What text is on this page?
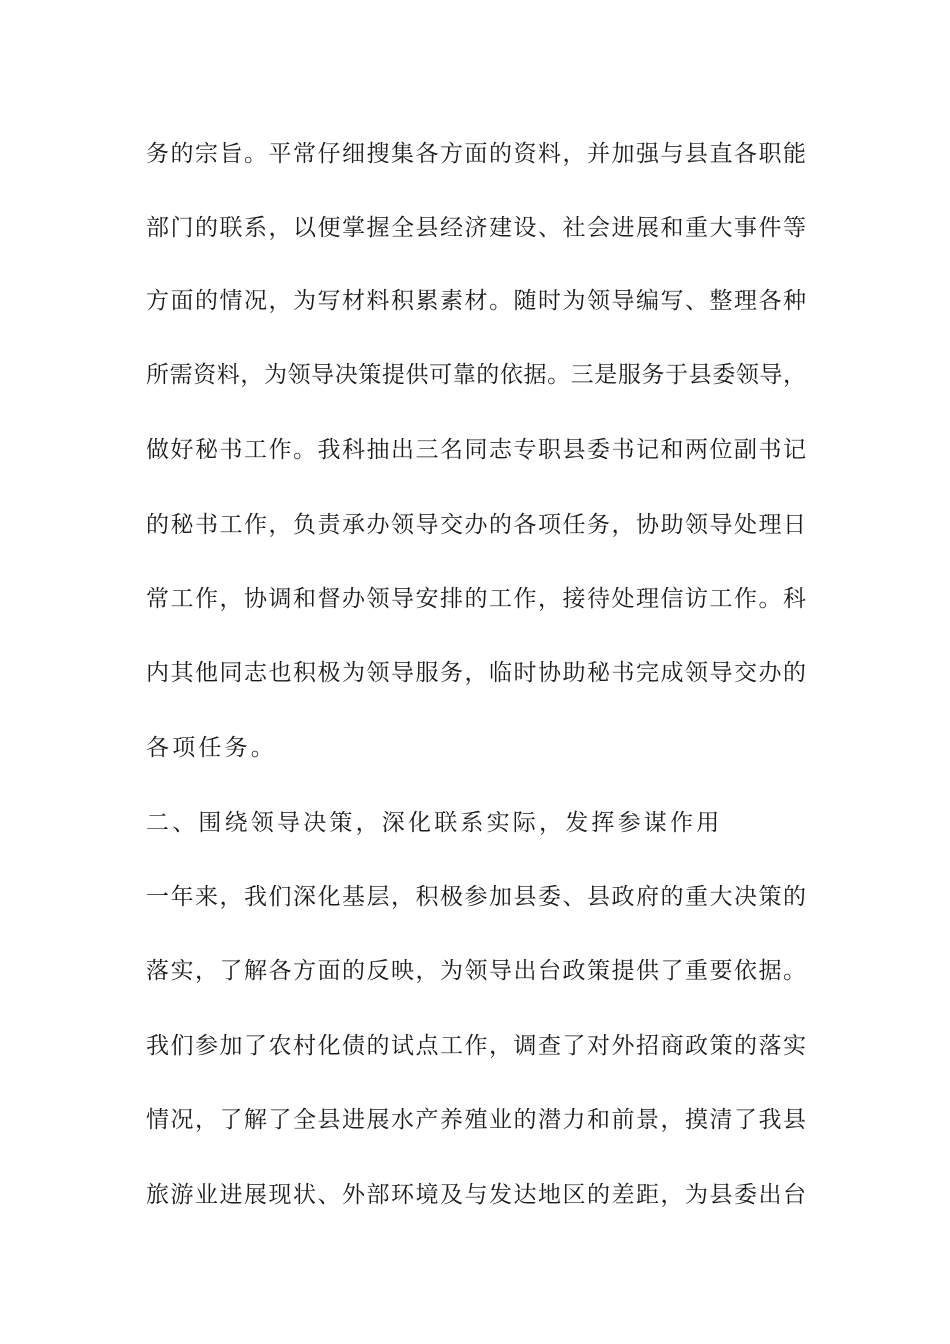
务的宗旨。平常仔细搜集各方面的资料，并加强与县直各职能
部门的联系，以便掌握全县经济建设、社会进展和重大事件等
方面的情况，为写材料积累素材。随时为领导编写、整理各种
所需资料，为领导决策提供可靠的依据。三是服务于县委领导，
做好秘书工作。我科抽出三名同志专职县委书记和两位副书记
的秘书工作，负责承办领导交办的各项任务，协助领导处理日
常工作，协调和督办领导安排的工作，接待处理信访工作。科
内其他同志也积极为领导服务，临时协助秘书完成领导交办的
各项任务。
二、围绕领导决策，深化联系实际，发挥参谋作用
一年来，我们深化基层，积极参加县委、县政府的重大决策的
落实，了解各方面的反映，为领导出台政策提供了重要依据。
我们参加了农村化债的试点工作，调查了对外招商政策的落实
情况，了解了全县进展水产养殖业的潜力和前景，摸清了我县
旅游业进展现状、外部环境及与发达地区的差距，为县委出台
